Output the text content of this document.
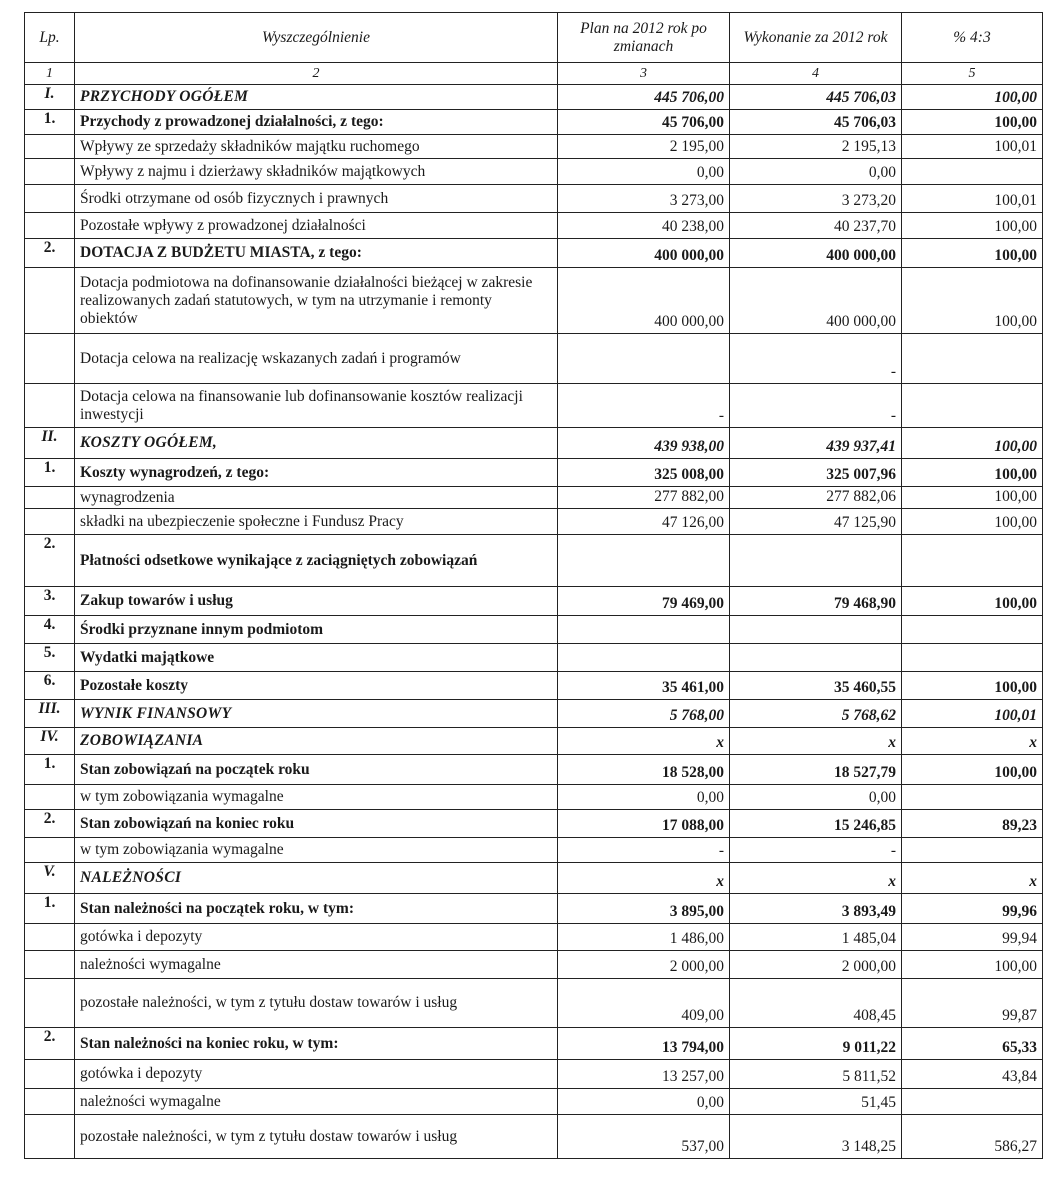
Lp.	Wyszczególnienie	Plan na 2012 rok po zmianach	Wykonanie za 2012 rok	% 4:3
1	2	3	4	5
I.	PRZYCHODY OGÓŁEM	445 706,00	445 706,03	100,00
1.	Przychody z prowadzonej działalności, z tego:	45 706,00	45 706,03	100,00
	Wpływy ze sprzedaży składników majątku ruchomego	2 195,00	2 195,13	100,01
	Wpływy z najmu i dzierżawy składników majątkowych	0,00	0,00	
	Środki otrzymane od osób fizycznych i prawnych	3 273,00	3 273,20	100,01
	Pozostałe wpływy z prowadzonej działalności	40 238,00	40 237,70	100,00
2.	DOTACJA Z BUDŻETU MIASTA, z tego:	400 000,00	400 000,00	100,00
	Dotacja podmiotowa na dofinansowanie działalności bieżącej w zakresie realizowanych zadań statutowych, w tym na utrzymanie i remonty obiektów	400 000,00	400 000,00	100,00
	Dotacja celowa na realizację wskazanych zadań i programów		-	
	Dotacja celowa na finansowanie lub dofinansowanie kosztów realizacji inwestycji	-	-	
II.	KOSZTY OGÓŁEM,	439 938,00	439 937,41	100,00
1.	Koszty wynagrodzeń, z tego:	325 008,00	325 007,96	100,00
	wynagrodzenia	277 882,00	277 882,06	100,00
	składki na ubezpieczenie społeczne i Fundusz Pracy	47 126,00	47 125,90	100,00
2.	Płatności odsetkowe wynikające z zaciągniętych zobowiązań			
3.	Zakup towarów i usług	79 469,00	79 468,90	100,00
4.	Środki przyznane innym podmiotom			
5.	Wydatki majątkowe			
6.	Pozostałe koszty	35 461,00	35 460,55	100,00
III.	WYNIK FINANSOWY	5 768,00	5 768,62	100,01
IV.	ZOBOWIĄZANIA	x	x	x
1.	Stan zobowiązań na początek roku	18 528,00	18 527,79	100,00
	w tym zobowiązania wymagalne	0,00	0,00	
2.	Stan zobowiązań na koniec roku	17 088,00	15 246,85	89,23
	w tym zobowiązania wymagalne	-	-	
V.	NALEŻNOŚCI	x	x	x
1.	Stan należności na początek roku, w tym:	3 895,00	3 893,49	99,96
	gotówka i depozyty	1 486,00	1 485,04	99,94
	należności wymagalne	2 000,00	2 000,00	100,00
	pozostałe należności, w tym z tytułu dostaw towarów i usług	409,00	408,45	99,87
2.	Stan należności na koniec roku, w tym:	13 794,00	9 011,22	65,33
	gotówka i depozyty	13 257,00	5 811,52	43,84
	należności wymagalne	0,00	51,45	
	pozostałe należności, w tym z tytułu dostaw towarów i usług	537,00	3 148,25	586,27
